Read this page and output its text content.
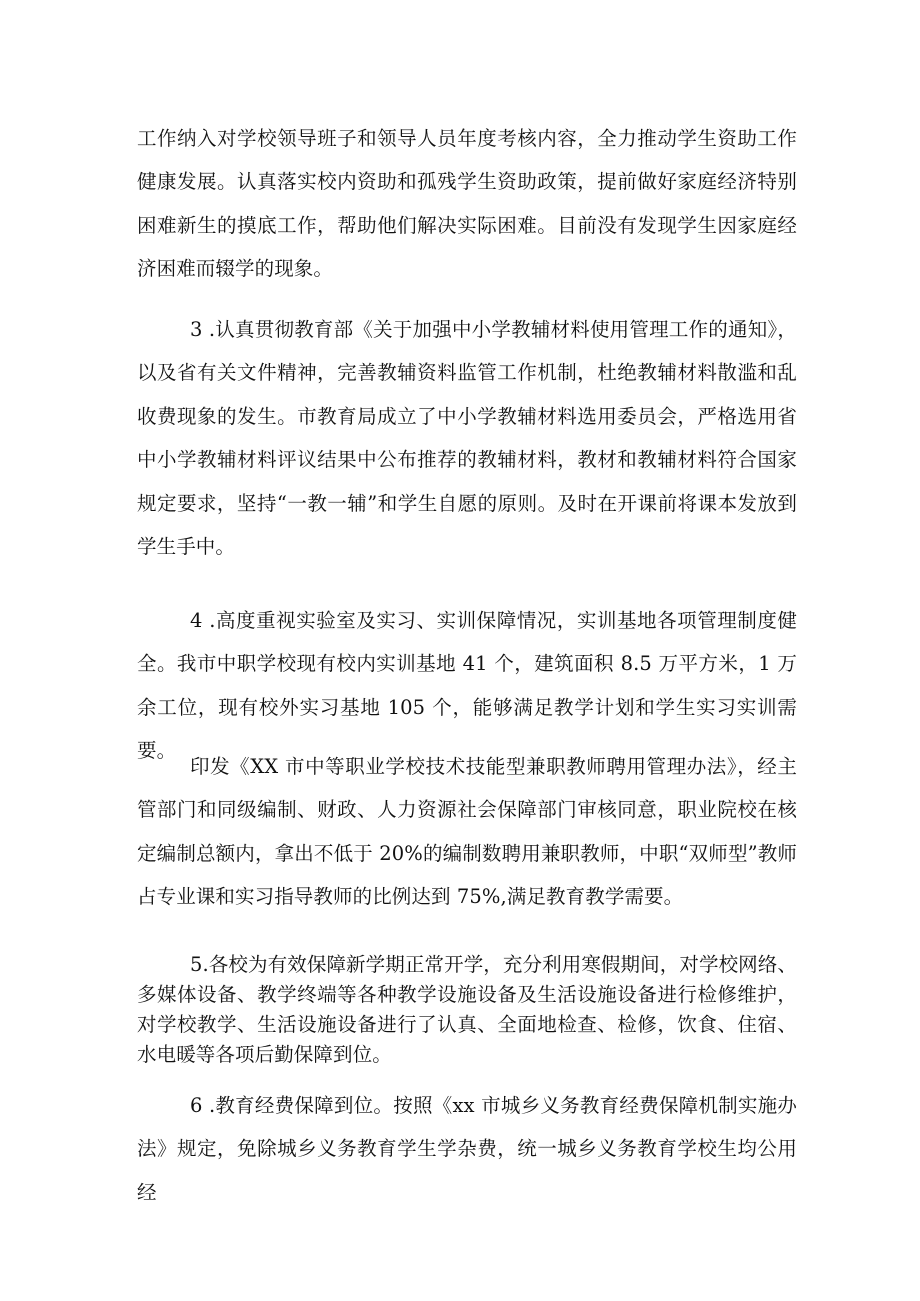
工作纳入对学校领导班子和领导人员年度考核内容，全力推动学生资助工作健康发展。认真落实校内资助和孤残学生资助政策，提前做好家庭经济特别困难新生的摸底工作，帮助他们解决实际困难。目前没有发现学生因家庭经济困难而辍学的现象。

3 .认真贯彻教育部《关于加强中小学教辅材料使用管理工作的通知》，以及省有关文件精神，完善教辅资料监管工作机制，杜绝教辅材料散滥和乱收费现象的发生。市教育局成立了中小学教辅材料选用委员会，严格选用省中小学教辅材料评议结果中公布推荐的教辅材料，教材和教辅材料符合国家规定要求，坚持“一教一辅”和学生自愿的原则。及时在开课前将课本发放到学生手中。

4 .高度重视实验室及实习、实训保障情况，实训基地各项管理制度健全。我市中职学校现有校内实训基地 41 个，建筑面积 8.5 万平方米，1 万余工位，现有校外实习基地 105 个，能够满足教学计划和学生实习实训需要。

印发《XX 市中等职业学校技术技能型兼职教师聘用管理办法》，经主管部门和同级编制、财政、人力资源社会保障部门审核同意，职业院校在核定编制总额内，拿出不低于 20%的编制数聘用兼职教师，中职“双师型”教师占专业课和实习指导教师的比例达到 75%,满足教育教学需要。

5.各校为有效保障新学期正常开学，充分利用寒假期间，对学校网络、多媒体设备、教学终端等各种教学设施设备及生活设施设备进行检修维护，对学校教学、生活设施设备进行了认真、全面地检查、检修，饮食、住宿、水电暖等各项后勤保障到位。

6 .教育经费保障到位。按照《xx 市城乡义务教育经费保障机制实施办法》规定，免除城乡义务教育学生学杂费，统一城乡义务教育学校生均公用经
